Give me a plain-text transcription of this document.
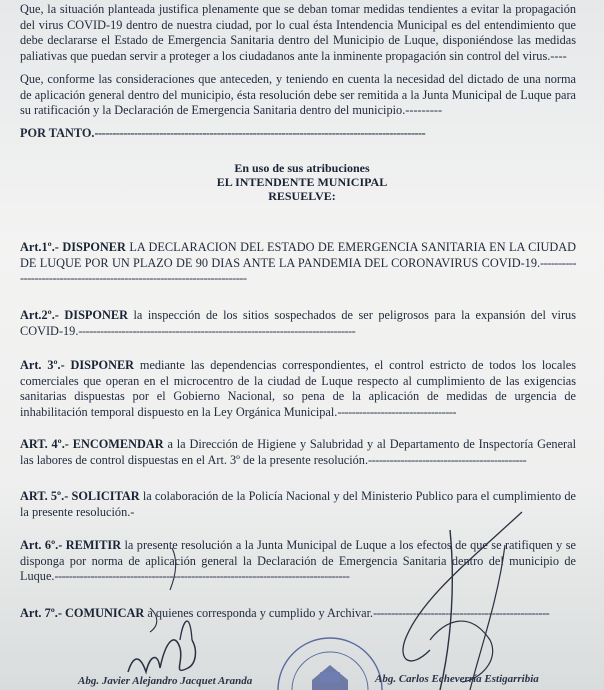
Que, la situación planteada justifica plenamente que se deban tomar medidas tendientes a evitar la propagación del virus COVID-19 dentro de nuestra ciudad, por lo cual ésta Intendencia Municipal es del entendimiento que debe declararse el Estado de Emergencia Sanitaria dentro del Municipio de Luque, disponiéndose las medidas paliativas que puedan servir a proteger a los ciudadanos ante la inminente propagación sin control del virus.----

Que, conforme las consideraciones que anteceden, y teniendo en cuenta la necesidad del dictado de una norma de aplicación general dentro del municipio, ésta resolución debe ser remitida a la Junta Municipal de Luque para su ratificación y la Declaración de Emergencia Sanitaria dentro del municipio.---------

POR TANTO.--------------------------------------------------------------------------------------------

En uso de sus atribuciones
EL INTENDENTE MUNICIPAL
RESUELVE:

Art.1º.- DISPONER LA DECLARACION DEL ESTADO DE EMERGENCIA SANITARIA EN LA CIUDAD DE LUQUE POR UN PLAZO DE 90 DIAS ANTE LA PANDEMIA DEL CORONAVIRUS COVID-19.-------------------------------------------------------------------------

Art.2º.- DISPONER la inspección de los sitios sospechados de ser peligrosos para la expansión del virus COVID-19.-----------------------------------------------------------------------------

Art. 3º.- DISPONER mediante las dependencias correspondientes, el control estricto de todos los locales comerciales que operan en el microcentro de la ciudad de Luque respecto al cumplimiento de las exigencias sanitarias dispuestas por el Gobierno Nacional, so pena de la aplicación de medidas de urgencia de inhabilitación temporal dispuesto en la Ley Orgánica Municipal.---------------------------------

ART. 4º.- ENCOMENDAR a la Dirección de Higiene y Salubridad y al Departamento de Inspectoría General las labores de control dispuestas en el Art. 3º de la presente resolución.--------------------------------------------

ART. 5º.- SOLICITAR la colaboración de la Policía Nacional y del Ministerio Publico para el cumplimiento de la presente resolución.-

Art. 6º.- REMITIR la presente resolución a la Junta Municipal de Luque a los efectos de que se ratifiquen y se disponga por norma de aplicación general la Declaración de Emergencia Sanitaria dentro del municipio de Luque.----------------------------------------------------------------------------------

Art. 7º.- COMUNICAR a quienes corresponda y cumplido y Archivar.-------------------------------------------------

Abg. Javier Alejandro Jacquet Aranda	Abg. Carlos Echeverría Estigarribia
